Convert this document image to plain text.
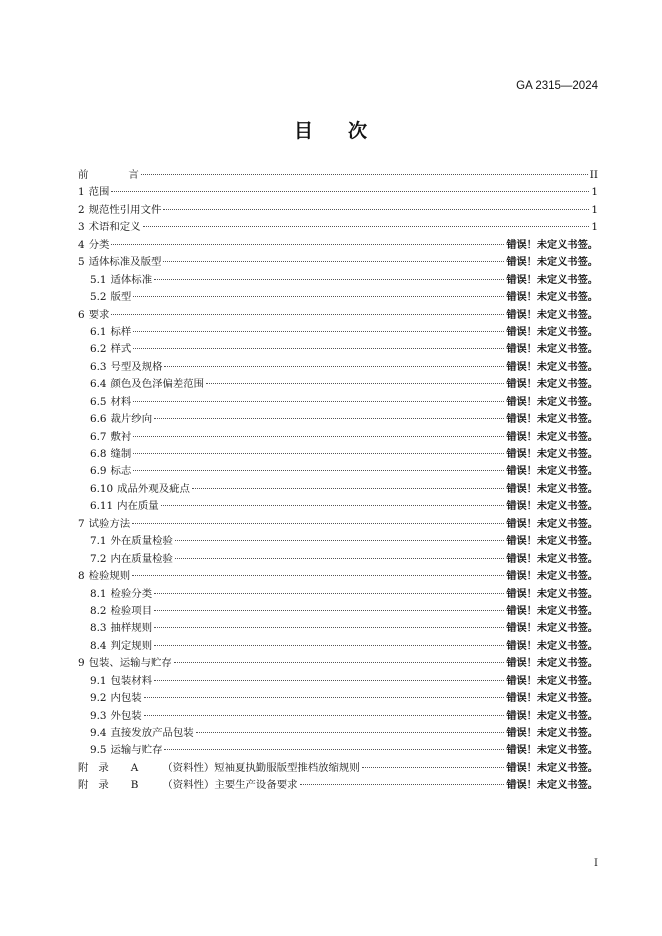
GA 2315—2024
目 次
前	言	II
1 范围	1
2 规范性引用文件	1
3 术语和定义	1
4 分类	错误！未定义书签。
5 适体标准及版型	错误！未定义书签。
5.1 适体标准	错误！未定义书签。
5.2 版型	错误！未定义书签。
6 要求	错误！未定义书签。
6.1 标样	错误！未定义书签。
6.2 样式	错误！未定义书签。
6.3 号型及规格	错误！未定义书签。
6.4 颜色及色泽偏差范围	错误！未定义书签。
6.5 材料	错误！未定义书签。
6.6 裁片纱向	错误！未定义书签。
6.7 敷衬	错误！未定义书签。
6.8 缝制	错误！未定义书签。
6.9 标志	错误！未定义书签。
6.10 成品外观及疵点	错误！未定义书签。
6.11 内在质量	错误！未定义书签。
7 试验方法	错误！未定义书签。
7.1 外在质量检验	错误！未定义书签。
7.2 内在质量检验	错误！未定义书签。
8 检验规则	错误！未定义书签。
8.1 检验分类	错误！未定义书签。
8.2 检验项目	错误！未定义书签。
8.3 抽样规则	错误！未定义书签。
8.4 判定规则	错误！未定义书签。
9 包装、运输与贮存	错误！未定义书签。
9.1 包装材料	错误！未定义书签。
9.2 内包装	错误！未定义书签。
9.3 外包装	错误！未定义书签。
9.4 直接发放产品包装	错误！未定义书签。
9.5 运输与贮存	错误！未定义书签。
附 录 A （资料性）短袖夏执勤服版型推档放缩规则	错误！未定义书签。
附 录 B （资料性）主要生产设备要求	错误！未定义书签。
I
